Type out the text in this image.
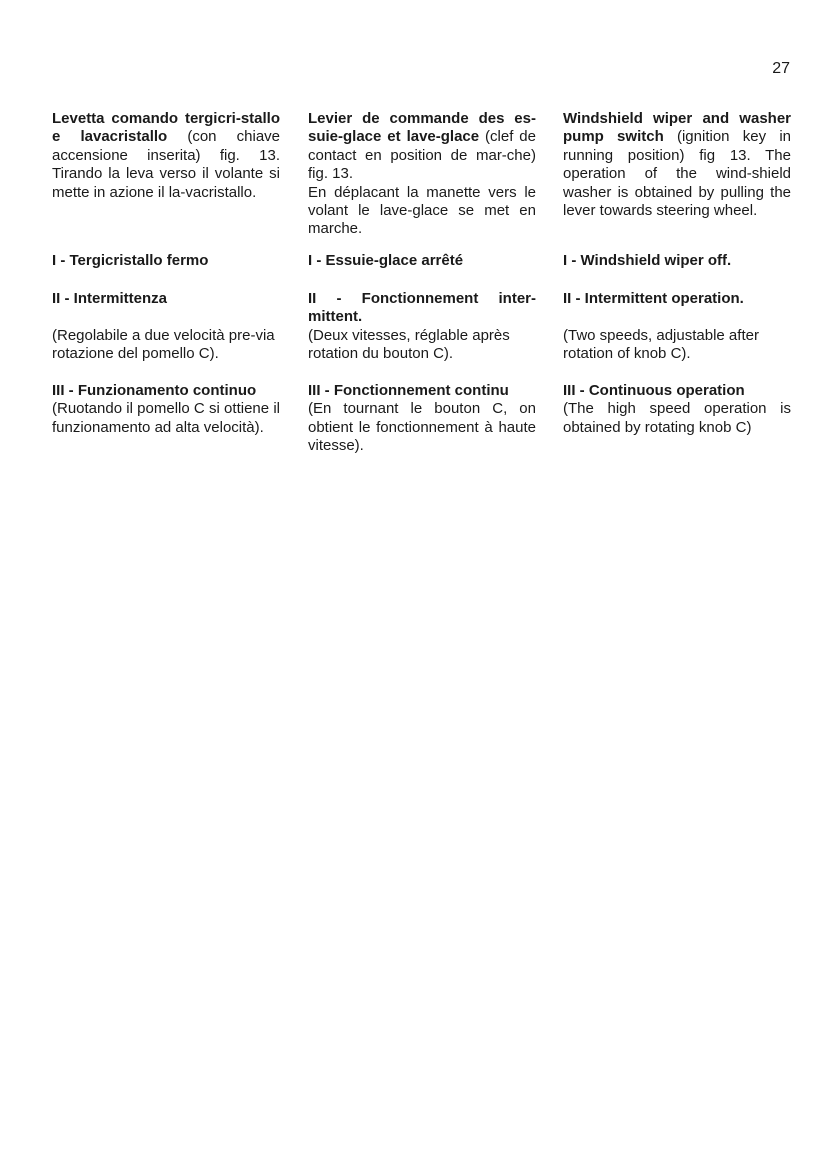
27

Levetta comando tergicri-stallo e lavacristallo (con chiave accensione inserita) fig. 13. Tirando la leva verso il volante si mette in azione il la-vacristallo.

I - Tergicristallo fermo

II - Intermittenza

(Regolabile a due velocità pre-via rotazione del pomello C).

III - Funzionamento continuo

(Ruotando il pomello C si ottiene il funzionamento ad alta velocità).

Levier de commande des es-suie-glace et lave-glace (clef de contact en position de mar-che) fig. 13.

En déplacant la manette vers le volant le lave-glace se met en marche.

I - Essuie-glace arrêté

II - Fonctionnement inter-mittent.

(Deux vitesses, réglable après rotation du bouton C).

III - Fonctionnement continu

(En tournant le bouton C, on obtient le fonctionnement à haute vitesse).

Windshield wiper and washer pump switch (ignition key in running position) fig 13. The operation of the wind-shield washer is obtained by pulling the lever towards steering wheel.

I - Windshield wiper off.

II - Intermittent operation.

(Two speeds, adjustable after rotation of knob C).

III - Continuous operation

(The high speed operation is obtained by rotating knob C)
